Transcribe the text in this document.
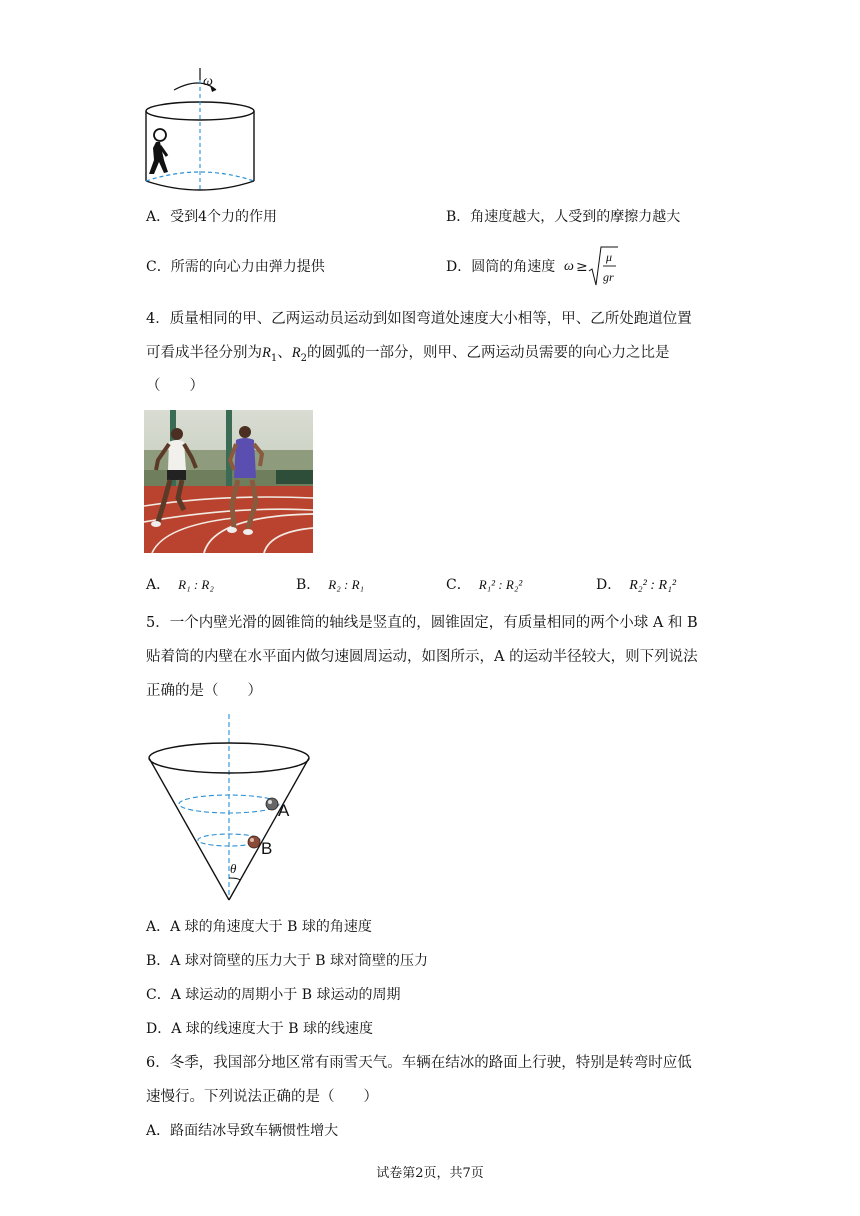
ω
A．受到4个力的作用	B．角速度越大，人受到的摩擦力越大
C．所需的向心力由弹力提供	D．圆筒的角速度 ω ≥
μ
gr
4．质量相同的甲、乙两运动员运动到如图弯道处速度大小相等，甲、乙所处跑道位置
可看成半径分别为$R_1$、$R_2$的圆弧的一部分，则甲、乙两运动员需要的向心力之比是
（　　）
A． R₁ : R₂	B． R₂ : R₁	C． R₁² : R₂²	D． R₂² : R₁²
5．一个内壁光滑的圆锥筒的轴线是竖直的，圆锥固定，有质量相同的两个小球 A 和 B
贴着筒的内壁在水平面内做匀速圆周运动，如图所示，A 的运动半径较大，则下列说法
正确的是（　　）
A
B
θ
A．A 球的角速度大于 B 球的角速度
B．A 球对筒壁的压力大于 B 球对筒壁的压力
C．A 球运动的周期小于 B 球运动的周期
D．A 球的线速度大于 B 球的线速度
6．冬季，我国部分地区常有雨雪天气。车辆在结冰的路面上行驶，特别是转弯时应低
速慢行。下列说法正确的是（　　）
A．路面结冰导致车辆惯性增大
试卷第2页，共7页
